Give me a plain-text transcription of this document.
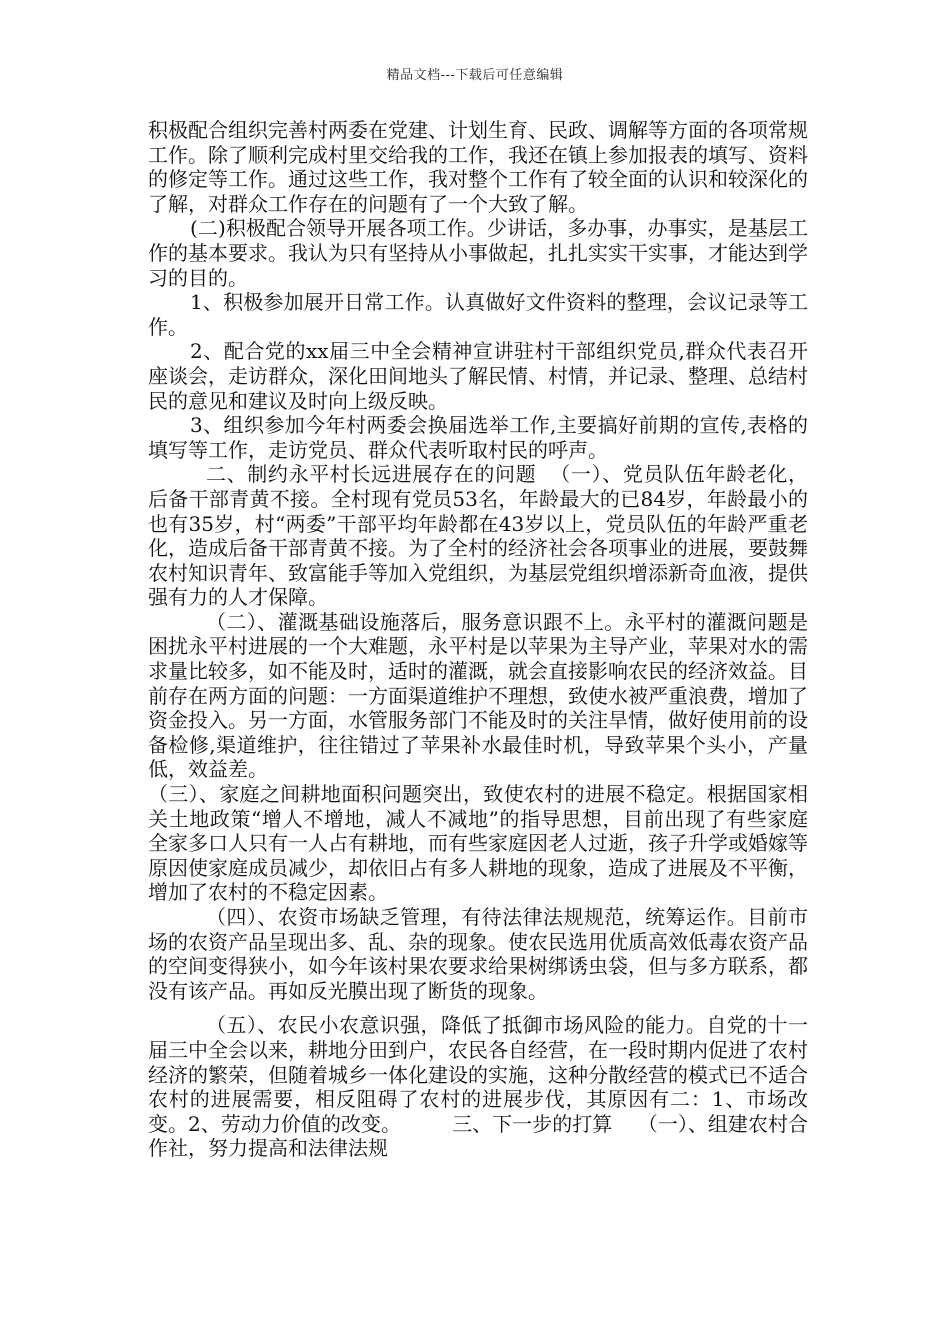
精品文档---下载后可任意编辑

积极配合组织完善村两委在党建、计划生育、民政、调解等方面的各项常规工作。除了顺利完成村里交给我的工作，我还在镇上参加报表的填写、资料的修定等工作。通过这些工作，我对整个工作有了较全面的认识和较深化的了解，对群众工作存在的问题有了一个大致了解。

(二)积极配合领导开展各项工作。少讲话，多办事，办事实，是基层工作的基本要求。我认为只有坚持从小事做起，扎扎实实干实事，才能达到学习的目的。

1、积极参加展开日常工作。认真做好文件资料的整理，会议记录等工作。

2、配合党的xx届三中全会精神宣讲驻村干部组织党员,群众代表召开座谈会，走访群众，深化田间地头了解民情、村情，并记录、整理、总结村民的意见和建议及时向上级反映。

3、组织参加今年村两委会换届选举工作,主要搞好前期的宣传,表格的填写等工作，走访党员、群众代表听取村民的呼声。

二、制约永平村长远进展存在的问题  （一）、党员队伍年龄老化，后备干部青黄不接。全村现有党员53名，年龄最大的已84岁，年龄最小的也有35岁，村“两委”干部平均年龄都在43岁以上，党员队伍的年龄严重老化，造成后备干部青黄不接。为了全村的经济社会各项事业的进展，要鼓舞农村知识青年、致富能手等加入党组织，为基层党组织增添新奇血液，提供强有力的人才保障。

（二）、灌溉基础设施落后，服务意识跟不上。永平村的灌溉问题是困扰永平村进展的一个大难题，永平村是以苹果为主导产业，苹果对水的需求量比较多，如不能及时，适时的灌溉，就会直接影响农民的经济效益。目前存在两方面的问题：一方面渠道维护不理想，致使水被严重浪费，增加了资金投入。另一方面，水管服务部门不能及时的关注旱情，做好使用前的设备检修,渠道维护，往往错过了苹果补水最佳时机，导致苹果个头小，产量低，效益差。

（三）、家庭之间耕地面积问题突出，致使农村的进展不稳定。根据国家相关土地政策“增人不增地，减人不减地”的指导思想，目前出现了有些家庭全家多口人只有一人占有耕地，而有些家庭因老人过逝，孩子升学或婚嫁等原因使家庭成员减少，却依旧占有多人耕地的现象，造成了进展及不平衡，增加了农村的不稳定因素。

（四）、农资市场缺乏管理，有待法律法规规范，统筹运作。目前市场的农资产品呈现出多、乱、杂的现象。使农民选用优质高效低毒农资产品的空间变得狭小，如今年该村果农要求给果树绑诱虫袋，但与多方联系，都没有该产品。再如反光膜出现了断货的现象。

（五）、农民小农意识强，降低了抵御市场风险的能力。自党的十一届三中全会以来，耕地分田到户，农民各自经营，在一段时期内促进了农村经济的繁荣，但随着城乡一体化建设的实施，这种分散经营的模式已不适合农村的进展需要，相反阻碍了农村的进展步伐，其原因有二：1、市场改变。2、劳动力价值的改变。        三、下一步的打算    （一）、组建农村合作社，努力提高和法律法规
